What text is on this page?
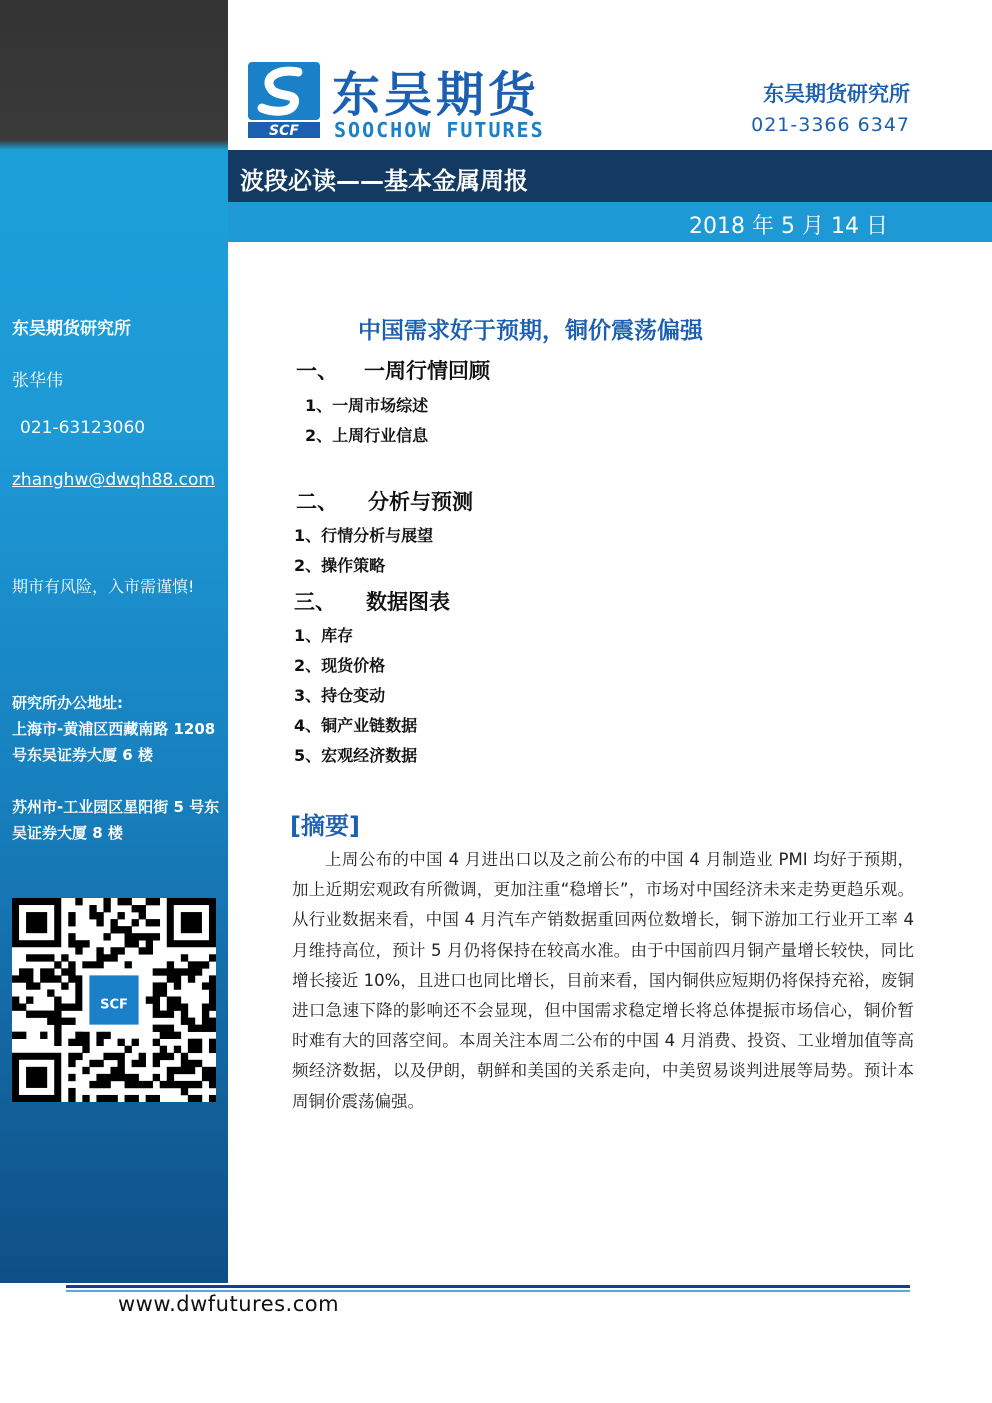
SCF
东吴期货
SOOCHOW FUTURES
东吴期货研究所
021-3366 6347
波段必读——基本金属周报
2018 年 5 月 14 日
东吴期货研究所
张华伟
021-63123060
zhanghw@dwqh88.com
期市有风险，入市需谨慎!
研究所办公地址:
上海市-黄浦区西藏南路 1208 号东吴证券大厦 6 楼
苏州市-工业园区星阳街 5 号东吴证券大厦 8 楼
SCF
中国需求好于预期，铜价震荡偏强
一、 一周行情回顾
1、一周市场综述
2、上周行业信息
二、 分析与预测
1、行情分析与展望
2、操作策略
三、 数据图表
1、库存
2、现货价格
3、持仓变动
4、铜产业链数据
5、宏观经济数据
[摘要]
上周公布的中国 4 月进出口以及之前公布的中国 4 月制造业 PMI 均好于预期，加上近期宏观政有所微调，更加注重“稳增长”，市场对中国经济未来走势更趋乐观。从行业数据来看，中国 4 月汽车产销数据重回两位数增长，铜下游加工行业开工率 4 月维持高位，预计 5 月仍将保持在较高水准。由于中国前四月铜产量增长较快，同比增长接近 10%，且进口也同比增长，目前来看，国内铜供应短期仍将保持充裕，废铜进口急速下降的影响还不会显现，但中国需求稳定增长将总体提振市场信心，铜价暂时难有大的回落空间。本周关注本周二公布的中国 4 月消费、投资、工业增加值等高频经济数据，以及伊朗，朝鲜和美国的关系走向，中美贸易谈判进展等局势。预计本周铜价震荡偏强。
www.dwfutures.com
